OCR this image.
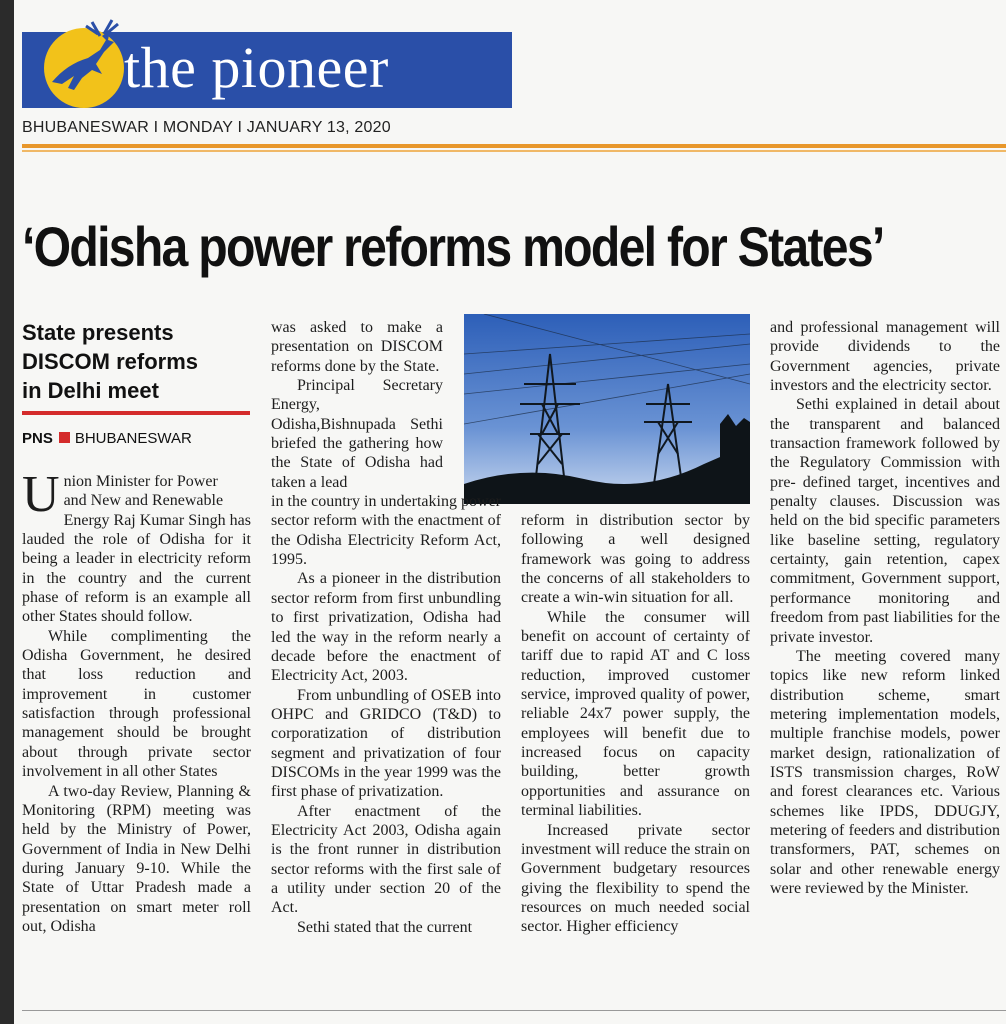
the pioneer
BHUBANESWAR I MONDAY I JANUARY 13, 2020
‘Odisha power reforms model for States’
State presents
DISCOM reforms
in Delhi meet
PNS BHUBANESWAR

Union Minister for Power
and New and Renewable
Energy Raj Kumar Singh has lauded the role of Odisha for it being a leader in electricity reform in the country and the current phase of reform is an example all other States should follow.

While complimenting the Odisha Government, he desired that loss reduction and improvement in customer satisfaction through professional management should be brought about through private sector involvement in all other States

A two-day Review, Planning & Monitoring (RPM) meeting was held by the Ministry of Power, Government of India in New Delhi during January 9-10. While the State of Uttar Pradesh made a presentation on smart meter roll out, Odisha

was asked to make a presentation on DISCOM reforms done by the State.

Principal Secretary Energy, Odisha,Bishnupada Sethi briefed the gathering how the State of Odisha had taken a lead

in the country in undertaking power sector reform with the enactment of the Odisha Electricity Reform Act, 1995.

As a pioneer in the distribution sector reform from first unbundling to first privatization, Odisha had led the way in the reform nearly a decade before the enactment of Electricity Act, 2003.

From unbundling of OSEB into OHPC and GRIDCO (T&D) to corporatization of distribution segment and privatization of four DISCOMs in the year 1999 was the first phase of privatization.

After enactment of the Electricity Act 2003, Odisha again is the front runner in distribution sector reforms with the first sale of a utility under section 20 of the Act.

Sethi stated that the current

reform in distribution sector by following a well designed framework was going to address the concerns of all stakeholders to create a win-win situation for all.

While the consumer will benefit on account of certainty of tariff due to rapid AT and C loss reduction, improved customer service, improved quality of power, reliable 24x7 power supply, the employees will benefit due to increased focus on capacity building, better growth opportunities and assurance on terminal liabilities.

Increased private sector investment will reduce the strain on Government budgetary resources giving the flexibility to spend the resources on much needed social sector. Higher efficiency

and professional management will provide dividends to the Government agencies, private investors and the electricity sector.

Sethi explained in detail about the transparent and balanced transaction framework followed by the Regulatory Commission with pre- defined target, incentives and penalty clauses. Discussion was held on the bid specific parameters like baseline setting, regulatory certainty, gain retention, capex commitment, Government support, performance monitoring and freedom from past liabilities for the private investor.

The meeting covered many topics like new reform linked distribution scheme, smart metering implementation models, multiple franchise models, power market design, rationalization of ISTS transmission charges, RoW and forest clearances etc. Various schemes like IPDS, DDUGJY, metering of feeders and distribution transformers, PAT, schemes on solar and other renewable energy were reviewed by the Minister.
